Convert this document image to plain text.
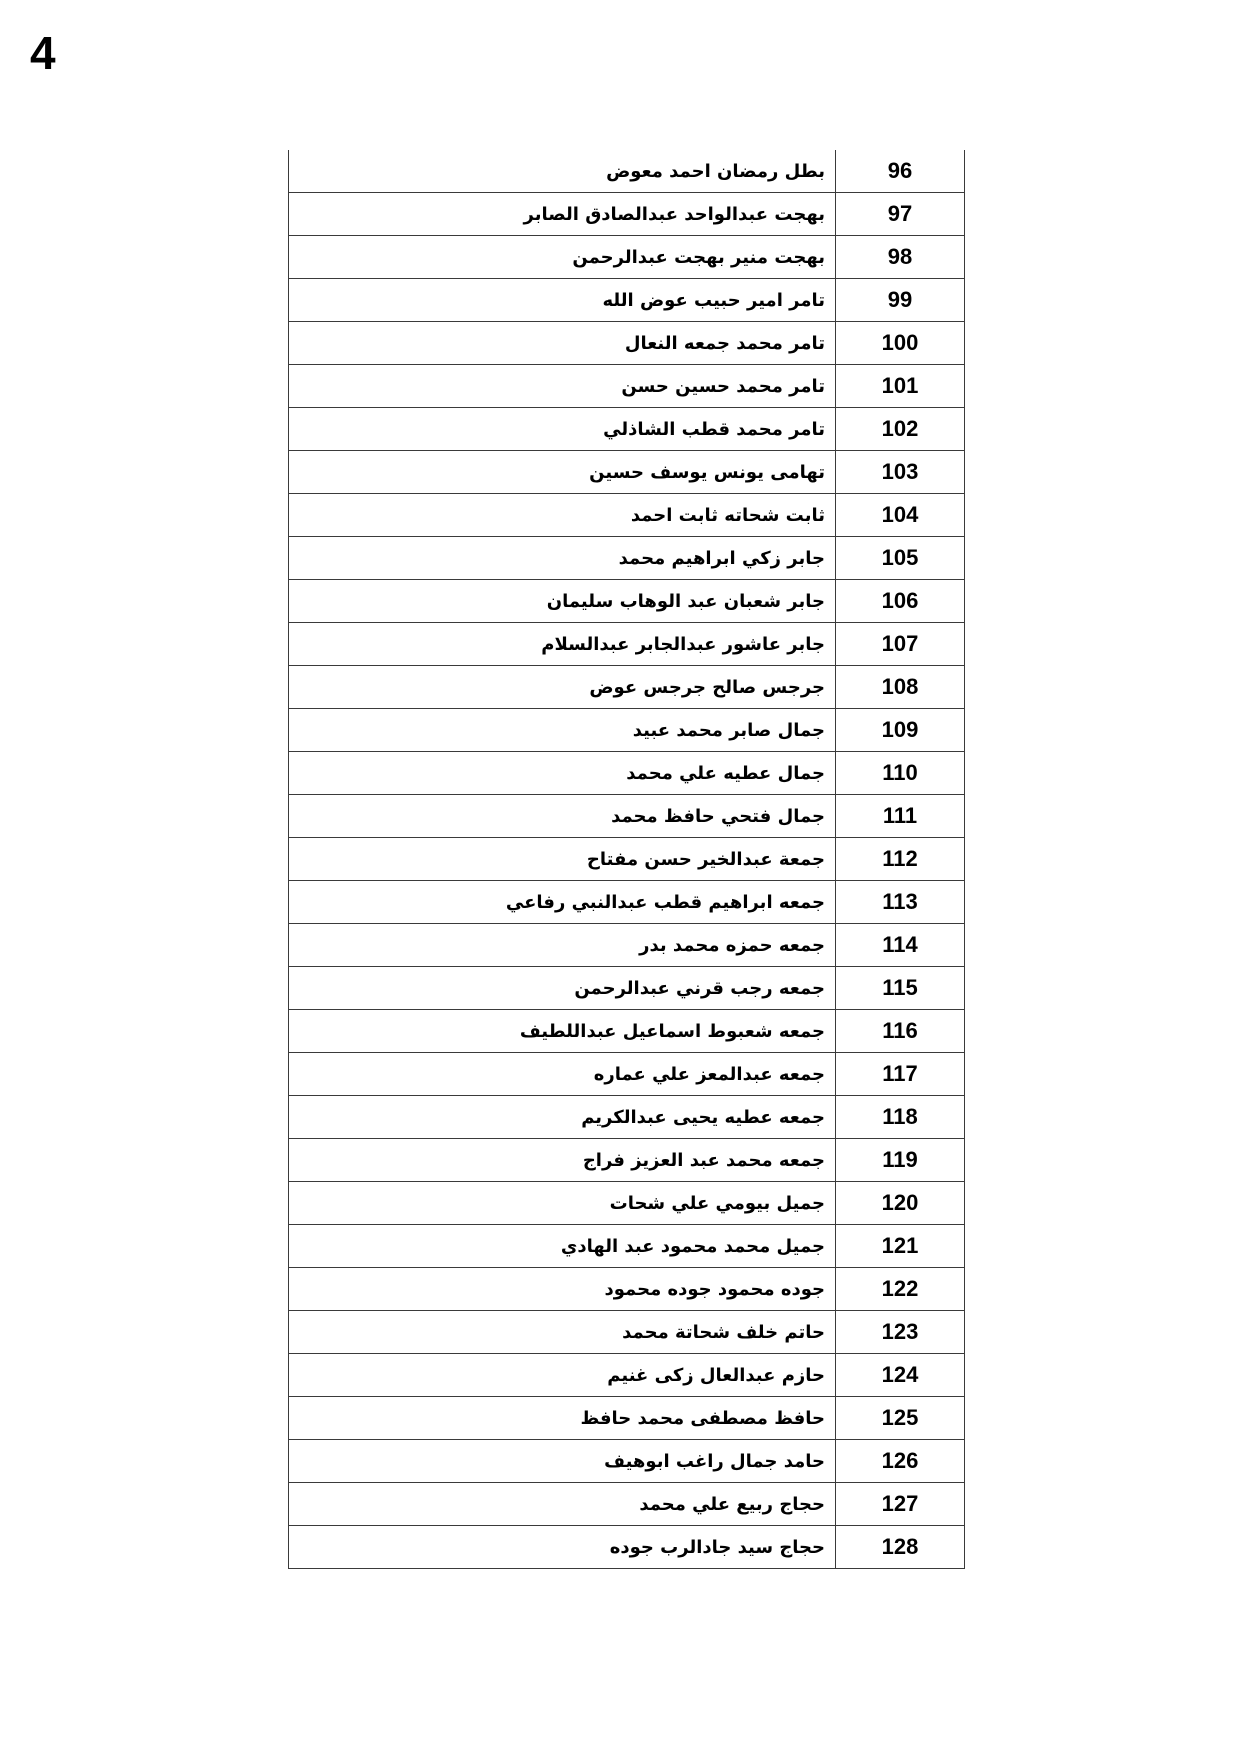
4
بطل رمضان احمد معوض	96
بهجت عبدالواحد عبدالصادق الصابر	97
بهجت منير بهجت عبدالرحمن	98
تامر امير حبيب عوض الله	99
تامر محمد جمعه النعال	100
تامر محمد حسين حسن	101
تامر محمد قطب الشاذلي	102
تهامى يونس يوسف حسين	103
ثابت شحاته ثابت احمد	104
جابر زكي ابراهيم محمد	105
جابر شعبان عبد الوهاب سليمان	106
جابر عاشور عبدالجابر عبدالسلام	107
جرجس صالح جرجس عوض	108
جمال صابر محمد عبيد	109
جمال عطيه علي محمد	110
جمال فتحي حافظ محمد	111
جمعة عبدالخير حسن مفتاح	112
جمعه ابراهيم قطب عبدالنبي رفاعي	113
جمعه حمزه محمد بدر	114
جمعه رجب قرني عبدالرحمن	115
جمعه شعبوط اسماعيل عبداللطيف	116
جمعه عبدالمعز علي عماره	117
جمعه عطيه يحيى عبدالكريم	118
جمعه محمد عبد العزيز فراج	119
جميل بيومي علي شحات	120
جميل محمد محمود عبد الهادي	121
جوده محمود جوده محمود	122
حاتم خلف شحاتة محمد	123
حازم عبدالعال زكى غنيم	124
حافظ مصطفى محمد حافظ	125
حامد جمال راغب ابوهيف	126
حجاج ربيع علي محمد	127
حجاج سيد جادالرب جوده	128
